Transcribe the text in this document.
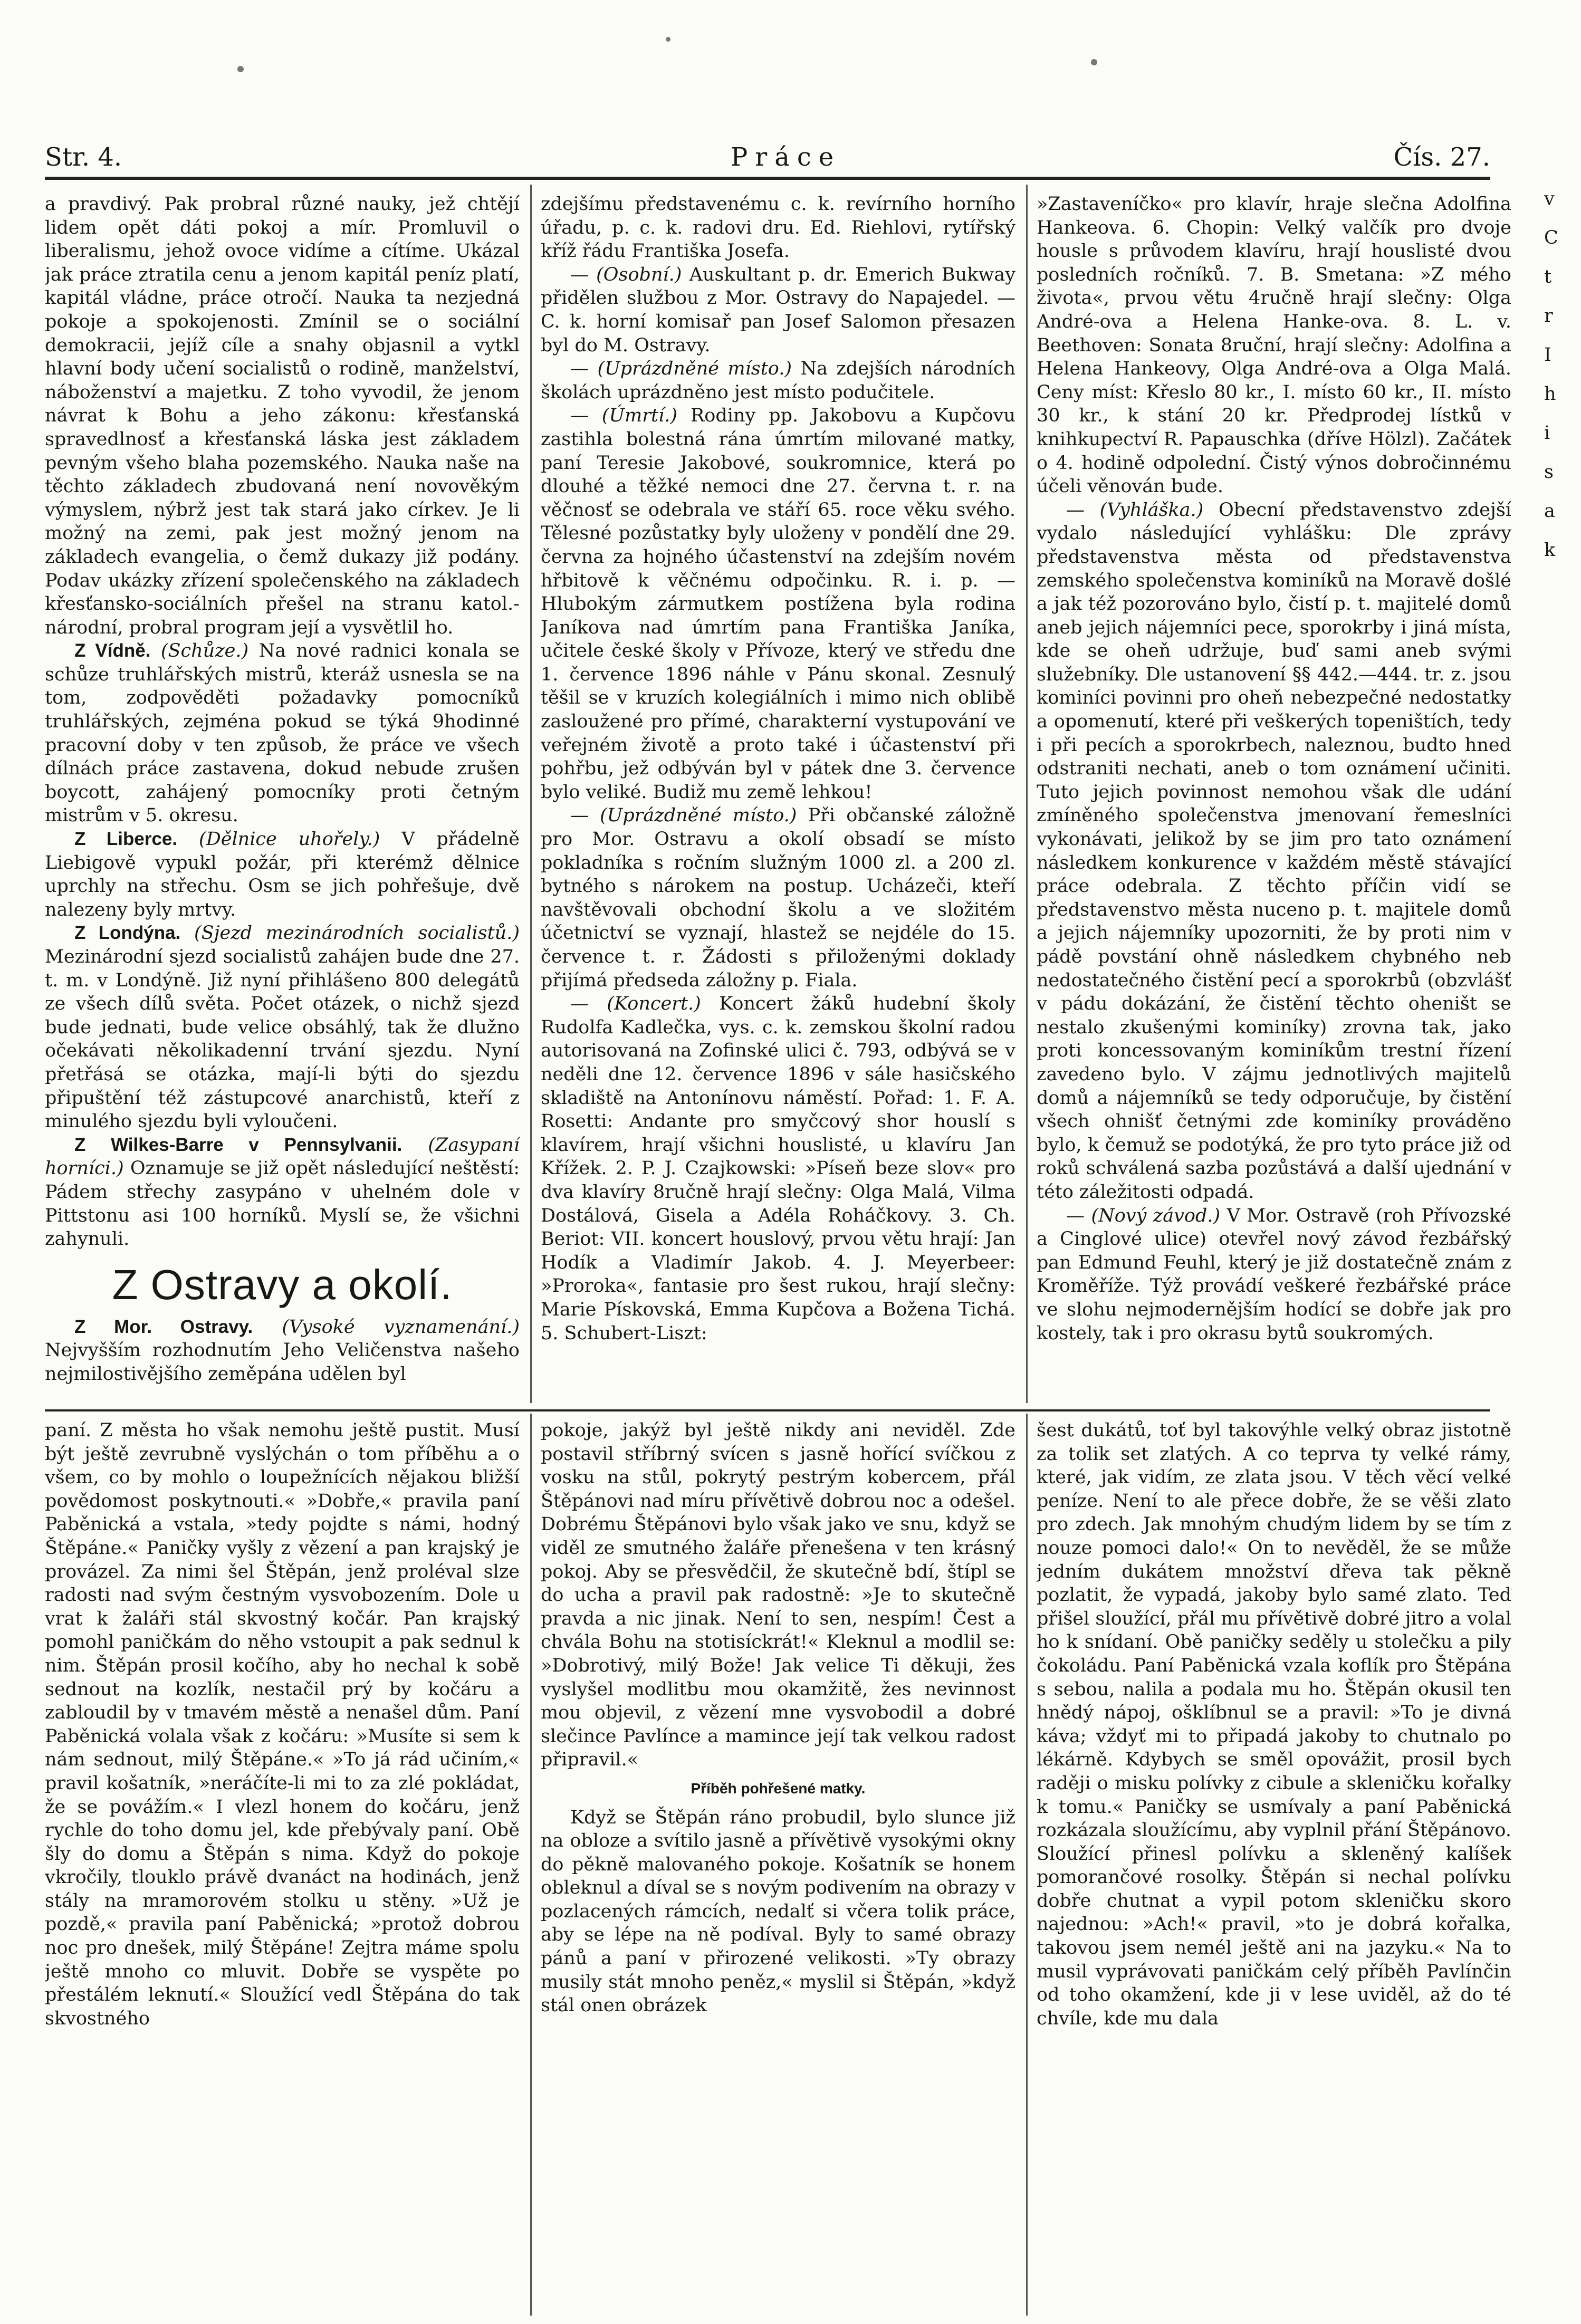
Str. 4.	Práce	Čís. 27.

a pravdivý. Pak probral různé nauky, jež chtějí lidem opět dáti pokoj a mír. Promluvil o liberalismu, jehož ovoce vidíme a cítíme. Ukázal jak práce ztratila cenu a jenom kapitál peníz platí, kapitál vládne, práce otročí. Nauka ta nezjedná pokoje a spokojenosti. Zmínil se o sociální demokracii, jejíž cíle a snahy objasnil a vytkl hlavní body učení socialistů o rodině, manželství, náboženství a majetku. Z toho vyvodil, že jenom návrat k Bohu a jeho zákonu: křesťanská spravedlnosť a křesťanská láska jest základem pevným všeho blaha pozemského. Nauka naše na těchto základech zbudovaná není novověkým výmyslem, nýbrž jest tak stará jako církev. Je li možný na zemi, pak jest možný jenom na základech evangelia, o čemž dukazy již podány. Podav ukázky zřízení společenského na základech křesťansko-sociálních přešel na stranu katol.-národní, probral program její a vysvětlil ho.

Z Vídně. (Schůze.) Na nové radnici konala se schůze truhlářských mistrů, kteráž usnesla se na tom, zodpověděti požadavky pomocníků truhlářských, zejména pokud se týká 9hodinné pracovní doby v ten způsob, že práce ve všech dílnách práce zastavena, dokud nebude zrušen boycott, zahájený pomocníky proti četným mistrům v 5. okresu.

Z Liberce. (Dělnice uhořely.) V přádelně Liebigově vypukl požár, při kterémž dělnice uprchly na střechu. Osm se jich pohřešuje, dvě nalezeny byly mrtvy.

Z Londýna. (Sjezd mezinárodních socialistů.) Mezinárodní sjezd socialistů zahájen bude dne 27. t. m. v Londýně. Již nyní přihlášeno 800 delegátů ze všech dílů světa. Počet otázek, o nichž sjezd bude jednati, bude velice obsáhlý, tak že dlužno očekávati několikadenní trvání sjezdu. Nyní přetřásá se otázka, mají-li býti do sjezdu připuštění též zástupcové anarchistů, kteří z minulého sjezdu byli vyloučeni.

Z Wilkes-Barre v Pennsylvanii. (Zasypaní horníci.) Oznamuje se již opět následující neštěstí: Pádem střechy zasypáno v uhelném dole v Pittstonu asi 100 horníků. Myslí se, že všichni zahynuli.

Z Ostravy a okolí.

Z Mor. Ostravy. (Vysoké vyznamenání.) Nejvyšším rozhodnutím Jeho Veličenstva našeho nejmilostivějšího zeměpána udělen byl

zdejšímu představenému c. k. revírního horního úřadu, p. c. k. radovi dru. Ed. Riehlovi, rytířský kříž řádu Františka Josefa.

— (Osobní.) Auskultant p. dr. Emerich Bukway přidělen službou z Mor. Ostravy do Napajedel. — C. k. horní komisař pan Josef Salomon přesazen byl do M. Ostravy.

— (Uprázdněné místo.) Na zdejších národních školách uprázdněno jest místo podučitele.

— (Úmrtí.) Rodiny pp. Jakobovu a Kupčovu zastihla bolestná rána úmrtím milované matky, paní Teresie Jakobové, soukromnice, která po dlouhé a těžké nemoci dne 27. června t. r. na věčnosť se odebrala ve stáří 65. roce věku svého. Tělesné pozůstatky byly uloženy v pondělí dne 29. června za hojného účastenství na zdejším novém hřbitově k věčnému odpočinku. R. i. p. — Hlubokým zármutkem postížena byla rodina Janíkova nad úmrtím pana Františka Janíka, učitele české školy v Přívoze, který ve středu dne 1. července 1896 náhle v Pánu skonal. Zesnulý těšil se v kruzích kolegiálních i mimo nich oblibě zasloužené pro přímé, charakterní vystupování ve veřejném životě a proto také i účastenství při pohřbu, jež odbýván byl v pátek dne 3. července bylo veliké. Budiž mu země lehkou!

— (Uprázdněné místo.) Při občanské záložně pro Mor. Ostravu a okolí obsadí se místo pokladníka s ročním služným 1000 zl. a 200 zl. bytného s nárokem na postup. Ucházeči, kteří navštěvovali obchodní školu a ve složitém účetnictví se vyznají, hlastež se nejdéle do 15. července t. r. Žádosti s přiloženými doklady přijímá předseda záložny p. Fiala.

— (Koncert.) Koncert žáků hudební školy Rudolfa Kadlečka, vys. c. k. zemskou školní radou autorisovaná na Zofinské ulici č. 793, odbývá se v neděli dne 12. července 1896 v sále hasičského skladiště na Antonínovu náměstí. Pořad: 1. F. A. Rosetti: Andante pro smyčcový shor houslí s klavírem, hrají všichni houslisté, u klavíru Jan Křížek. 2. P. J. Czajkowski: »Píseň beze slov« pro dva klavíry 8ručně hrají slečny: Olga Malá, Vilma Dostálová, Gisela a Adéla Roháčkovy. 3. Ch. Beriot: VII. koncert houslový, prvou větu hrají: Jan Hodík a Vladimír Jakob. 4. J. Meyerbeer: »Proroka«, fantasie pro šest rukou, hrají slečny: Marie Pískovská, Emma Kupčova a Božena Tichá. 5. Schubert-Liszt:

»Zastaveníčko« pro klavír, hraje slečna Adolfina Hankeova. 6. Chopin: Velký valčík pro dvoje housle s průvodem klavíru, hrají houslisté dvou posledních ročníků. 7. B. Smetana: »Z mého života«, prvou větu 4ručně hrají slečny: Olga André-ova a Helena Hanke-ova. 8. L. v. Beethoven: Sonata 8ruční, hrají slečny: Adolfina a Helena Hankeovy, Olga André-ova a Olga Malá. Ceny míst: Křeslo 80 kr., I. místo 60 kr., II. místo 30 kr., k stání 20 kr. Předprodej lístků v knihkupectví R. Papauschka (dříve Hölzl). Začátek o 4. hodině odpolední. Čistý výnos dobročinnému účeli věnován bude.

— (Vyhláška.) Obecní představenstvo zdejší vydalo následující vyhlášku: Dle zprávy představenstva města od představenstva zemského společenstva kominíků na Moravě došlé a jak též pozorováno bylo, čistí p. t. majitelé domů aneb jejich nájemníci pece, sporokrby i jiná místa, kde se oheň udržuje, buď sami aneb svými služebníky. Dle ustanovení §§ 442.—444. tr. z. jsou kominíci povinni pro oheň nebezpečné nedostatky a opomenutí, které při veškerých topeništích, tedy i při pecích a sporokrbech, naleznou, budto hned odstraniti nechati, aneb o tom oznámení učiniti. Tuto jejich povinnost nemohou však dle udání zmíněného společenstva jmenovaní řemeslníci vykonávati, jelikož by se jim pro tato oznámení následkem konkurence v každém městě stávající práce odebrala. Z těchto příčin vidí se představenstvo města nuceno p. t. majitele domů a jejich nájemníky upozorniti, že by proti nim v pádě povstání ohně následkem chybného neb nedostatečného čistění pecí a sporokrbů (obzvlášť v pádu dokázání, že čistění těchto oheništ se nestalo zkušenými kominíky) zrovna tak, jako proti koncessovaným kominíkům trestní řízení zavedeno bylo. V zájmu jednotlivých majitelů domů a nájemníků se tedy odporučuje, by čistění všech ohnišť četnými zde kominíky prováděno bylo, k čemuž se podotýká, že pro tyto práce již od roků schválená sazba pozůstává a další ujednání v této záležitosti odpadá.

— (Nový závod.) V Mor. Ostravě (roh Přívozské a Cinglové ulice) otevřel nový závod řezbářský pan Edmund Feuhl, který je již dostatečně znám z Kroměříže. Týž provádí veškeré řezbářské práce ve slohu nejmodernějším hodící se dobře jak pro kostely, tak i pro okrasu bytů soukromých.

paní. Z města ho však nemohu ještě pustit. Musí být ještě zevrubně vyslýchán o tom příběhu a o všem, co by mohlo o loupežnících nějakou bližší povědomost poskytnouti.« »Dobře,« pravila paní Paběnická a vstala, »tedy pojdte s námi, hodný Štěpáne.« Paničky vyšly z vězení a pan krajský je provázel. Za nimi šel Štěpán, jenž proléval slze radosti nad svým čestným vysvobozením. Dole u vrat k žaláři stál skvostný kočár. Pan krajský pomohl paničkám do něho vstoupit a pak sednul k nim. Štěpán prosil kočího, aby ho nechal k sobě sednout na kozlík, nestačil prý by kočáru a zabloudil by v tmavém městě a nenašel dům. Paní Paběnická volala však z kočáru: »Musíte si sem k nám sednout, milý Štěpáne.« »To já rád učiním,« pravil košatník, »neráčíte-li mi to za zlé pokládat, že se povážím.« I vlezl honem do kočáru, jenž rychle do toho domu jel, kde přebývaly paní. Obě šly do domu a Štěpán s nima. Když do pokoje vkročily, tlouklo právě dvanáct na hodinách, jenž stály na mramorovém stolku u stěny. »Už je pozdě,« pravila paní Paběnická; »protož dobrou noc pro dnešek, milý Štěpáne! Zejtra máme spolu ještě mnoho co mluvit. Dobře se vyspěte po přestálém leknutí.« Sloužící vedl Štěpána do tak skvostného

pokoje, jakýž byl ještě nikdy ani neviděl. Zde postavil stříbrný svícen s jasně hořící svíčkou z vosku na stůl, pokrytý pestrým kobercem, přál Štěpánovi nad míru přívětivě dobrou noc a odešel. Dobrému Štěpánovi bylo však jako ve snu, když se viděl ze smutného žaláře přenešena v ten krásný pokoj. Aby se přesvědčil, že skutečně bdí, štípl se do ucha a pravil pak radostně: »Je to skutečně pravda a nic jinak. Není to sen, nespím! Čest a chvála Bohu na stotisíckrát!« Kleknul a modlil se: »Dobrotivý, milý Bože! Jak velice Ti děkuji, žes vyslyšel modlitbu mou okamžitě, žes nevinnost mou objevil, z vězení mne vysvobodil a dobré slečince Pavlínce a mamince její tak velkou radost připravil.«

Příběh pohřešené matky.

Když se Štěpán ráno probudil, bylo slunce již na obloze a svítilo jasně a přívětivě vysokými okny do pěkně malovaného pokoje. Košatník se honem obleknul a díval se s novým podivením na obrazy v pozlacených rámcích, nedalť si včera tolik práce, aby se lépe na ně podíval. Byly to samé obrazy pánů a paní v přirozené velikosti. »Ty obrazy musily stát mnoho peněz,« myslil si Štěpán, »když stál onen obrázek

šest dukátů, toť byl takovýhle velký obraz jistotně za tolik set zlatých. A co teprva ty velké rámy, které, jak vidím, ze zlata jsou. V těch věcí velké peníze. Není to ale přece dobře, že se věši zlato pro zdech. Jak mnohým chudým lidem by se tím z nouze pomoci dalo!« On to nevěděl, že se může jedním dukátem množství dřeva tak pěkně pozlatit, že vypadá, jakoby bylo samé zlato. Teď přišel sloužící, přál mu přívětivě dobré jitro a volal ho k snídaní. Obě paničky seděly u stolečku a pily čokoládu. Paní Paběnická vzala koflík pro Štěpána s sebou, nalila a podala mu ho. Štěpán okusil ten hnědý nápoj, ošklíbnul se a pravil: »To je divná káva; vždyť mi to připadá jakoby to chutnalo po lékárně. Kdybych se směl opovážit, prosil bych raději o misku polívky z cibule a skleničku kořalky k tomu.« Paničky se usmívaly a paní Paběnická rozkázala sloužícímu, aby vyplnil přání Štěpánovo. Sloužící přinesl polívku a skleněný kalíšek pomorančové rosolky. Štěpán si nechal polívku dobře chutnat a vypil potom skleničku skoro najednou: »Ach!« pravil, »to je dobrá kořalka, takovou jsem nemél ještě ani na jazyku.« Na to musil vyprávovati paničkám celý příběh Pavlínčin od toho okamžení, kde ji v lese uviděl, až do té chvíle, kde mu dala

v
C
t
r
I
h
i
s
a
k
